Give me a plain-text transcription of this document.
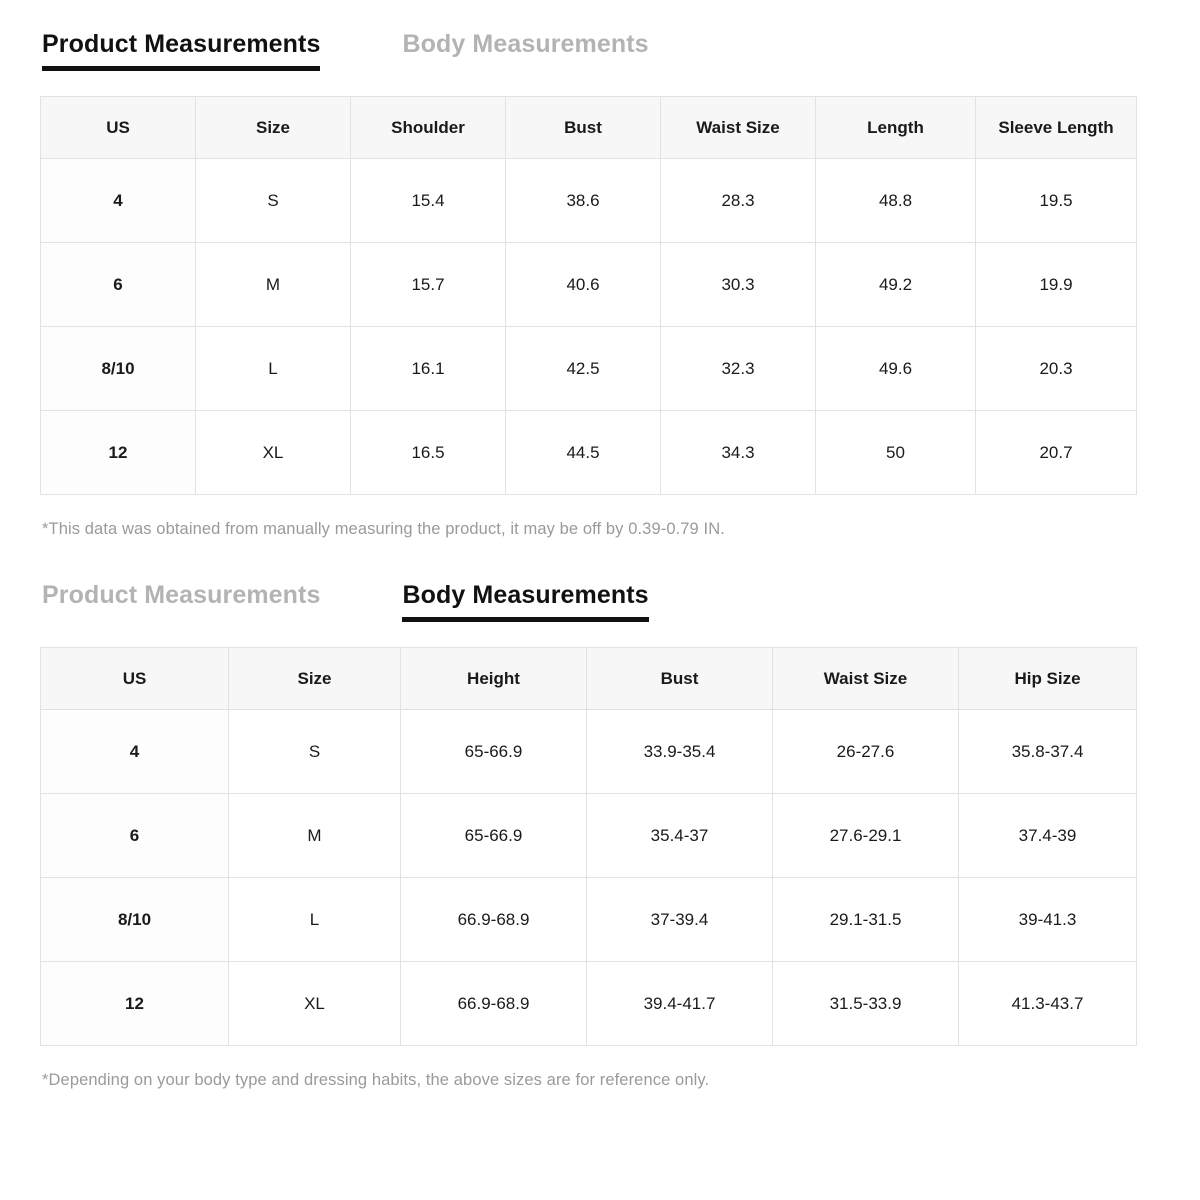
Product Measurements	Body Measurements
US	Size	Shoulder	Bust	Waist Size	Length	Sleeve Length
4	S	15.4	38.6	28.3	48.8	19.5
6	M	15.7	40.6	30.3	49.2	19.9
8/10	L	16.1	42.5	32.3	49.6	20.3
12	XL	16.5	44.5	34.3	50	20.7
*This data was obtained from manually measuring the product, it may be off by 0.39-0.79 IN.
Product Measurements	Body Measurements
US	Size	Height	Bust	Waist Size	Hip Size
4	S	65-66.9	33.9-35.4	26-27.6	35.8-37.4
6	M	65-66.9	35.4-37	27.6-29.1	37.4-39
8/10	L	66.9-68.9	37-39.4	29.1-31.5	39-41.3
12	XL	66.9-68.9	39.4-41.7	31.5-33.9	41.3-43.7
*Depending on your body type and dressing habits, the above sizes are for reference only.
